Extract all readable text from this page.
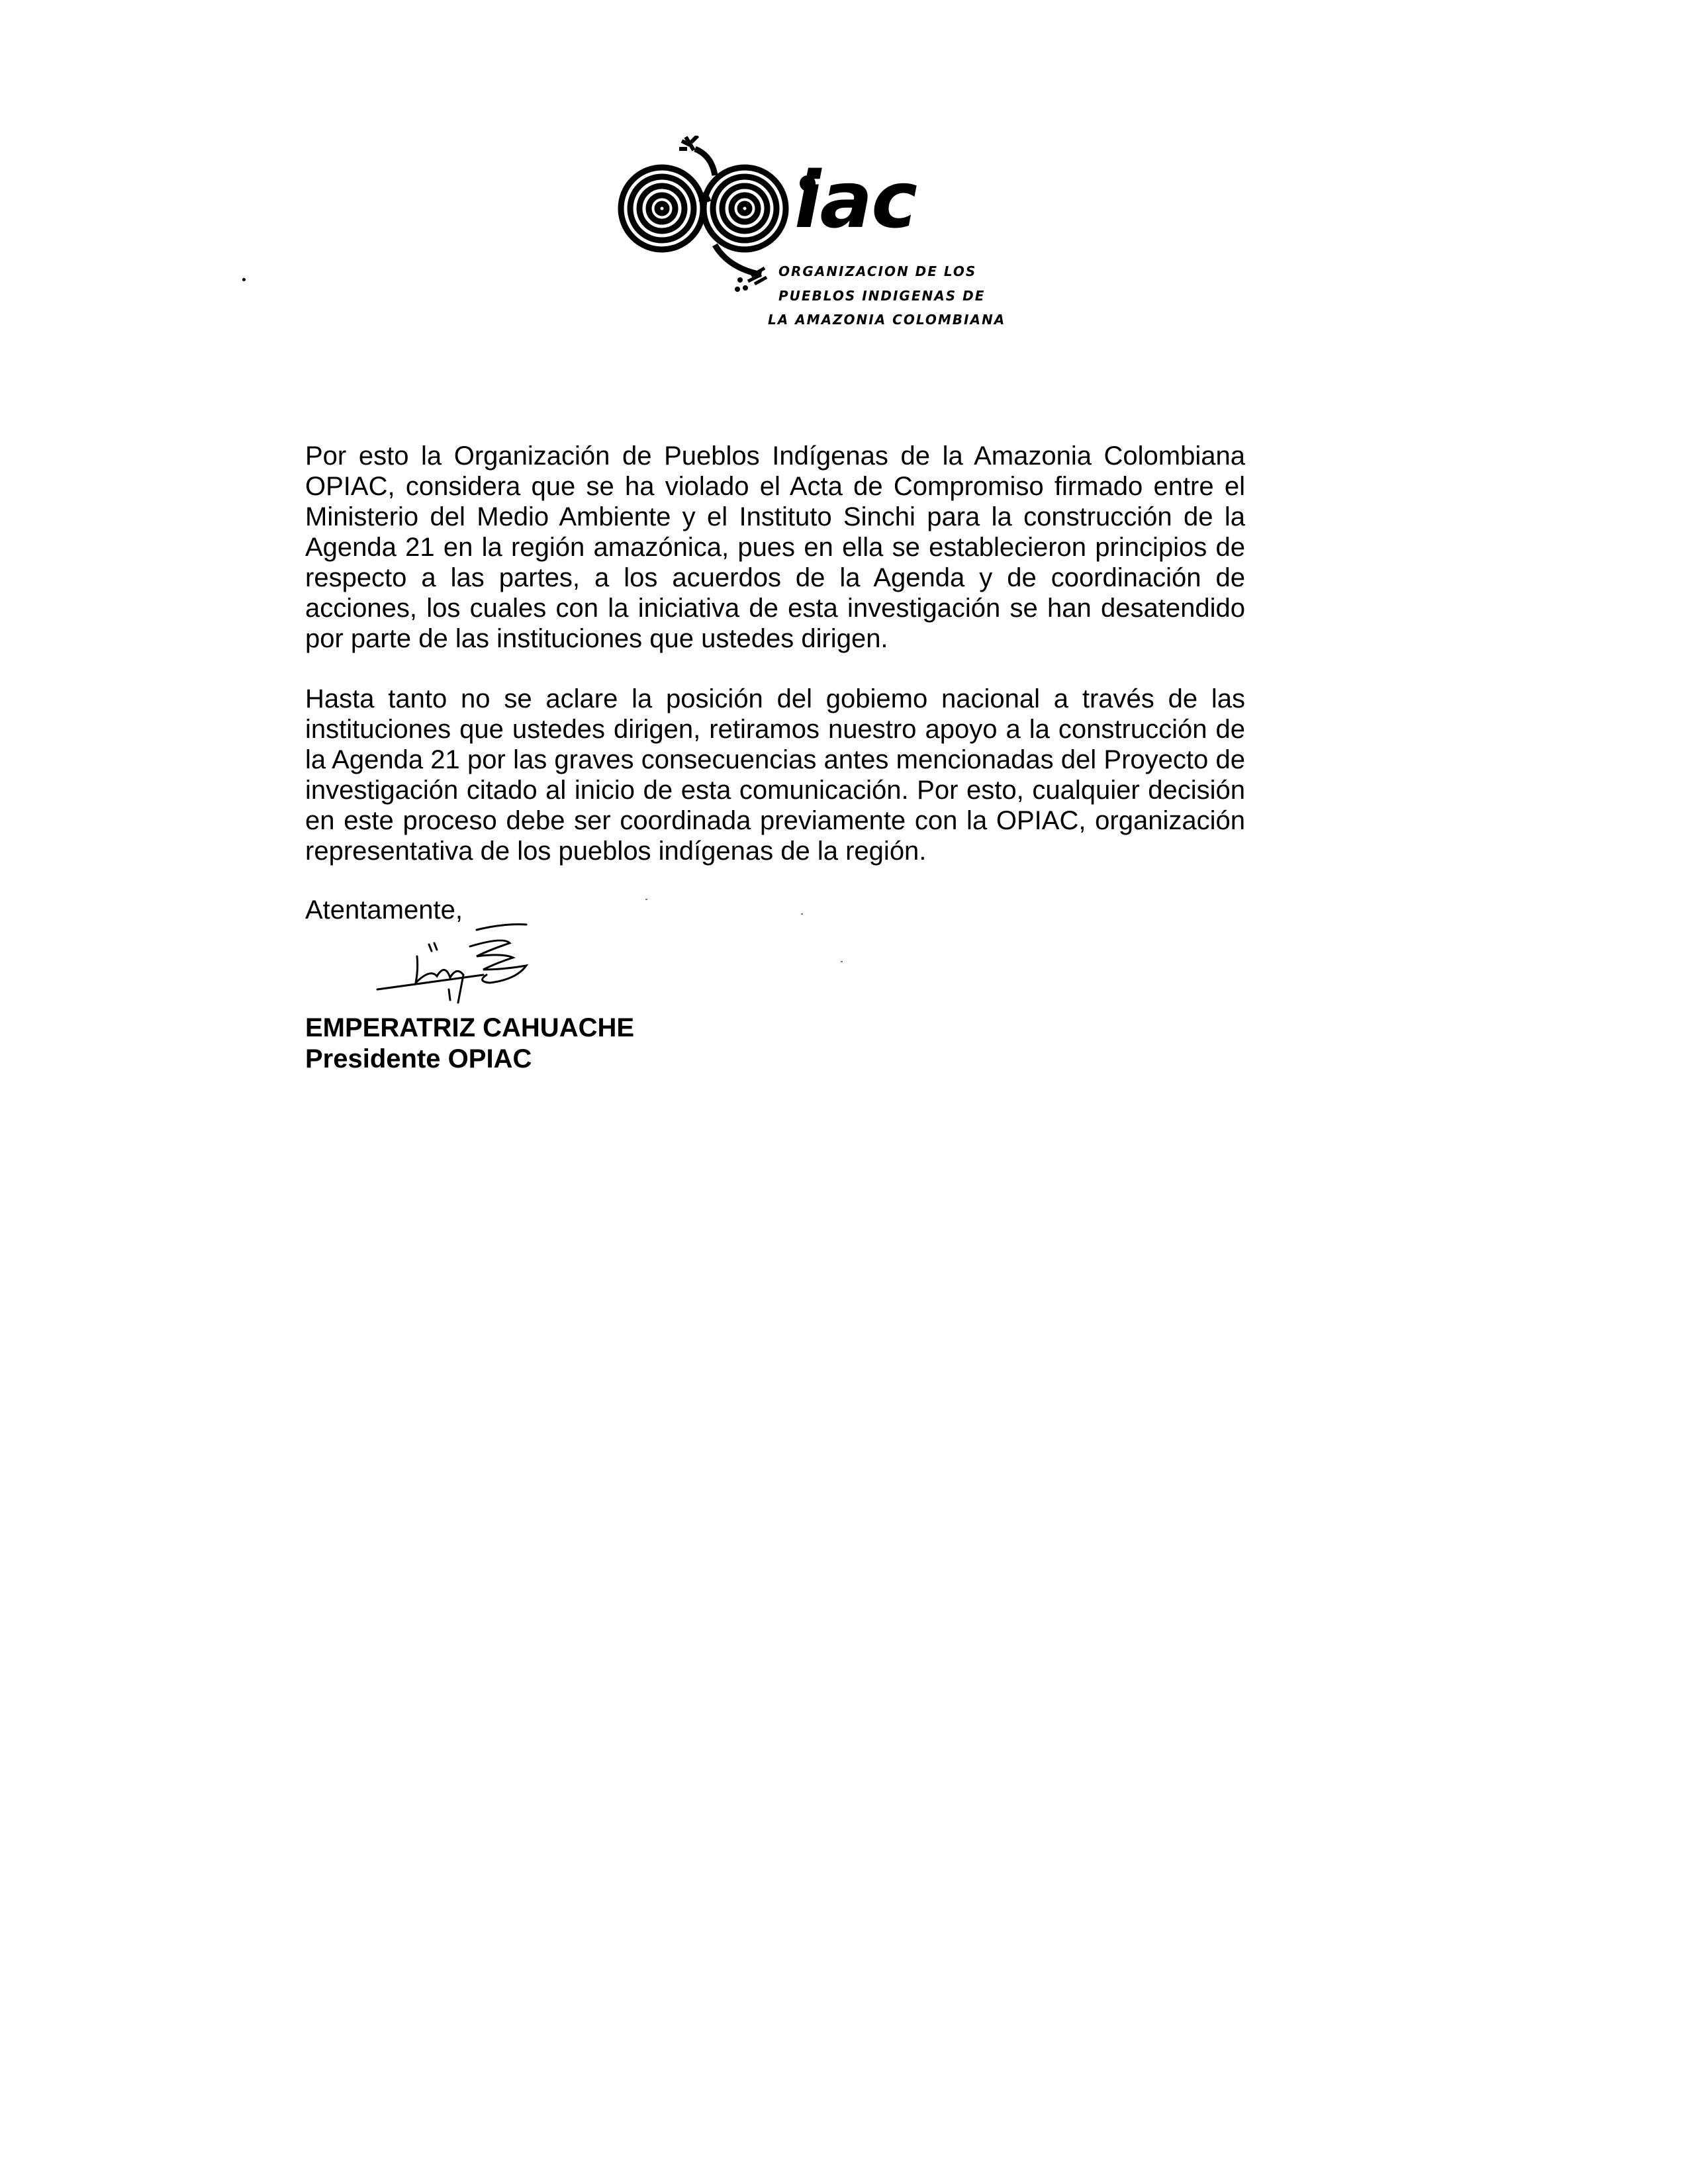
iac
ORGANIZACION DE LOS
PUEBLOS INDIGENAS DE
LA AMAZONIA COLOMBIANA

Por esto la Organización de Pueblos Indígenas de la Amazonia Colombiana OPIAC, considera que se ha violado el Acta de Compromiso firmado entre el Ministerio del Medio Ambiente y el Instituto Sinchi para la construcción de la Agenda 21 en la región amazónica, pues en ella se establecieron principios de respecto a las partes, a los acuerdos de la Agenda y de coordinación de acciones, los cuales con la iniciativa de esta investigación se han desatendido por parte de las instituciones que ustedes dirigen.

Hasta tanto no se aclare la posición del gobiemo nacional a través de las instituciones que ustedes dirigen, retiramos nuestro apoyo a la construcción de la Agenda 21 por las graves consecuencias antes mencionadas del Proyecto de investigación citado al inicio de esta comunicación. Por esto, cualquier decisión en este proceso debe ser coordinada previamente con la OPIAC, organización representativa de los pueblos indígenas de la región.

Atentamente,
EMPERATRIZ CAHUACHE
Presidente OPIAC
